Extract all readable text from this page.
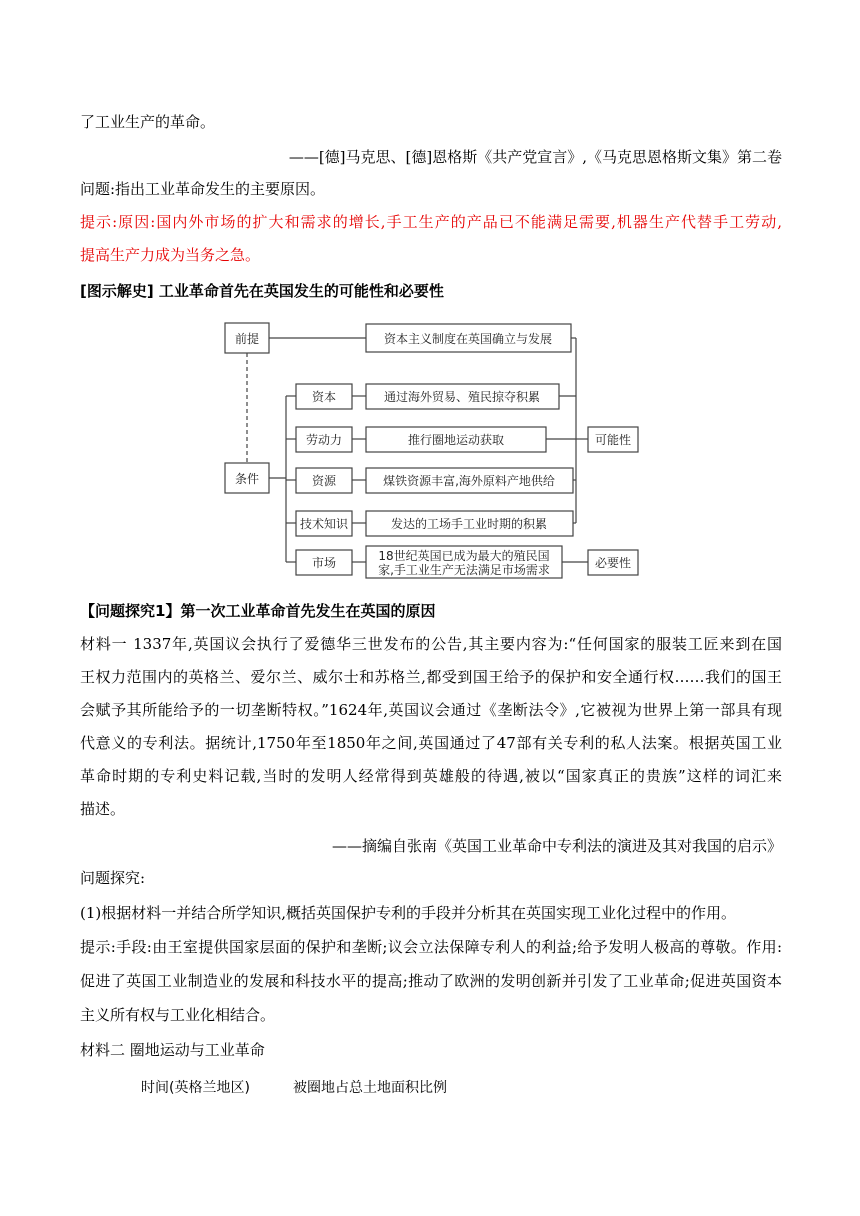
了工业生产的革命。
——[德]马克思、[德]恩格斯《共产党宣言》,《马克思恩格斯文集》第二卷
问题:指出工业革命发生的主要原因。
提示:原因:国内外市场的扩大和需求的增长,手工生产的产品已不能满足需要,机器生产代替手工劳动,
提高生产力成为当务之急。
[图示解史] 工业革命首先在英国发生的可能性和必要性
前提
条件
资本主义制度在英国确立与发展
资本	通过海外贸易、殖民掠夺积累
劳动力	推行圈地运动获取
资源	煤铁资源丰富,海外原料产地供给
技术知识	发达的工场手工业时期的积累
市场	18世纪英国已成为最大的殖民国
家,手工业生产无法满足市场需求
可能性
必要性
【问题探究1】第一次工业革命首先发生在英国的原因
材料一 1337年,英国议会执行了爱德华三世发布的公告,其主要内容为:“任何国家的服装工匠来到在国
王权力范围内的英格兰、爱尔兰、威尔士和苏格兰,都受到国王给予的保护和安全通行权……我们的国王
会赋予其所能给予的一切垄断特权。”1624年,英国议会通过《垄断法令》,它被视为世界上第一部具有现
代意义的专利法。据统计,1750年至1850年之间,英国通过了47部有关专利的私人法案。根据英国工业
革命时期的专利史料记载,当时的发明人经常得到英雄般的待遇,被以“国家真正的贵族”这样的词汇来
描述。
——摘编自张南《英国工业革命中专利法的演进及其对我国的启示》
问题探究:
(1)根据材料一并结合所学知识,概括英国保护专利的手段并分析其在英国实现工业化过程中的作用。
提示:手段:由王室提供国家层面的保护和垄断;议会立法保障专利人的利益;给予发明人极高的尊敬。作用:
促进了英国工业制造业的发展和科技水平的提高;推动了欧洲的发明创新并引发了工业革命;促进英国资本
主义所有权与工业化相结合。
材料二 圈地运动与工业革命
时间(英格兰地区)	被圈地占总土地面积比例
